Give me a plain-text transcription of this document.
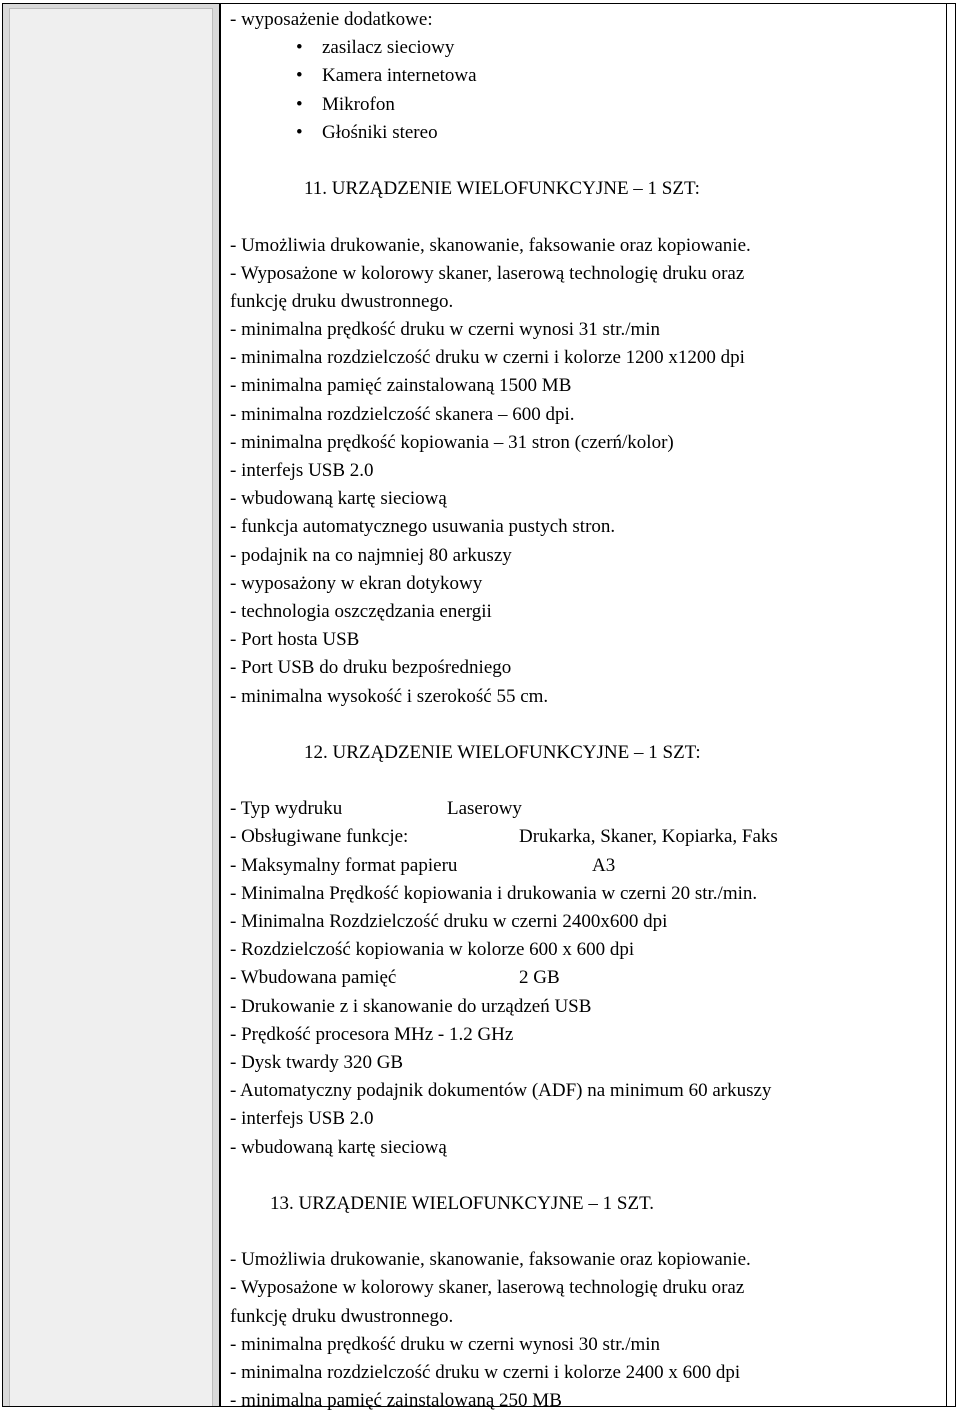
- wyposażenie dodatkowe:
• zasilacz sieciowy
• Kamera internetowa
• Mikrofon
• Głośniki stereo
11. URZĄDZENIE WIELOFUNKCYJNE – 1 SZT:
- Umożliwia drukowanie, skanowanie, faksowanie oraz kopiowanie.
- Wyposażone w kolorowy skaner, laserową technologię druku oraz
funkcję druku dwustronnego.
- minimalna prędkość druku w czerni wynosi 31 str./min
- minimalna rozdzielczość druku w czerni i kolorze 1200 x1200 dpi
- minimalna pamięć zainstalowaną 1500 MB
- minimalna rozdzielczość skanera – 600 dpi.
- minimalna prędkość kopiowania – 31 stron (czerń/kolor)
- interfejs USB 2.0
- wbudowaną kartę sieciową
- funkcja automatycznego usuwania pustych stron.
- podajnik na co najmniej 80 arkuszy
- wyposażony w ekran dotykowy
- technologia oszczędzania energii
- Port hosta USB
- Port USB do druku bezpośredniego
- minimalna wysokość i szerokość 55 cm.
12. URZĄDZENIE WIELOFUNKCYJNE – 1 SZT:
- Typ wydruku	Laserowy
- Obsługiwane funkcje:	Drukarka, Skaner, Kopiarka, Faks
- Maksymalny format papieru	A3
- Minimalna Prędkość kopiowania i drukowania w czerni 20 str./min.
- Minimalna Rozdzielczość druku w czerni 2400x600 dpi
- Rozdzielczość kopiowania w kolorze 600 x 600 dpi
- Wbudowana pamięć	2 GB
- Drukowanie z i skanowanie do urządzeń USB
- Prędkość procesora MHz - 1.2 GHz
- Dysk twardy 320 GB
- Automatyczny podajnik dokumentów (ADF) na minimum 60 arkuszy
- interfejs USB 2.0
- wbudowaną kartę sieciową
13. URZĄDENIE WIELOFUNKCYJNE – 1 SZT.
- Umożliwia drukowanie, skanowanie, faksowanie oraz kopiowanie.
- Wyposażone w kolorowy skaner, laserową technologię druku oraz
funkcję druku dwustronnego.
- minimalna prędkość druku w czerni wynosi 30 str./min
- minimalna rozdzielczość druku w czerni i kolorze 2400 x 600 dpi
- minimalna pamięć zainstalowaną 250 MB
